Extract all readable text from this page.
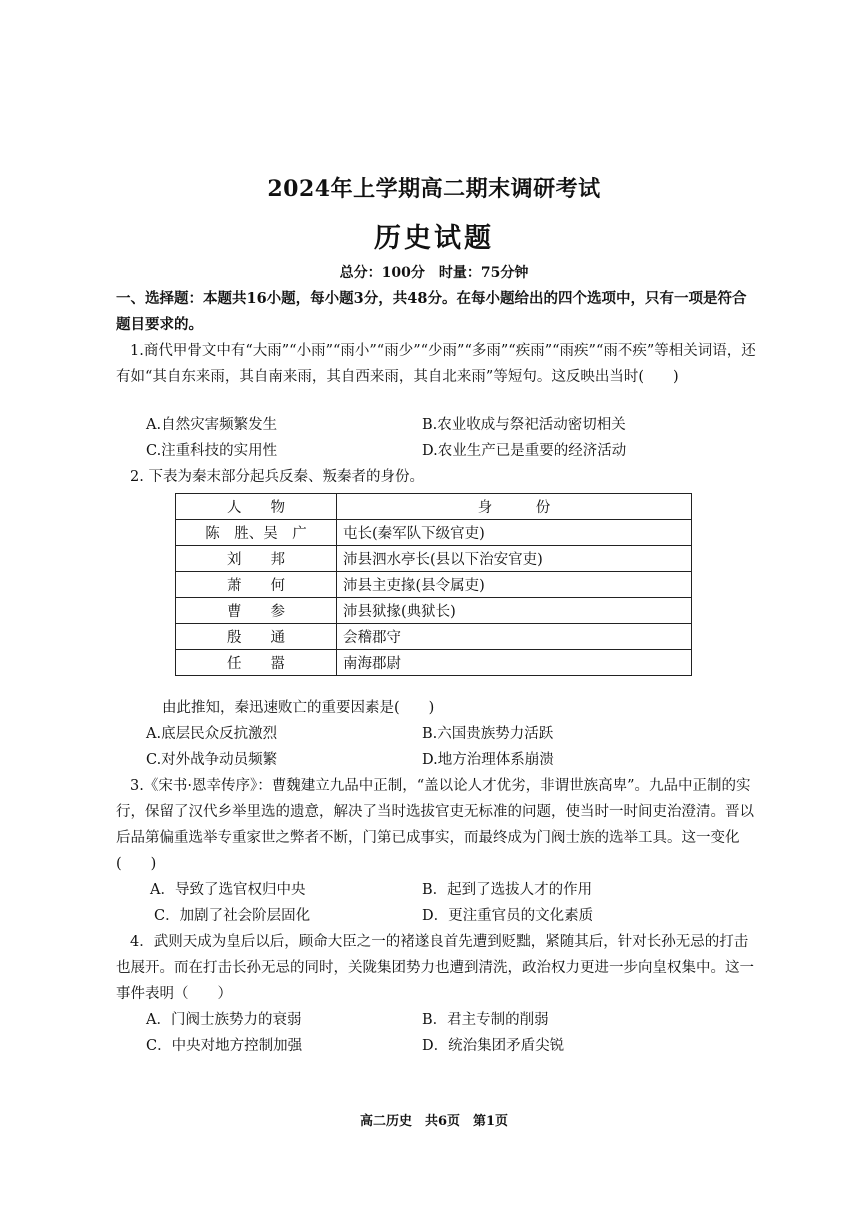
2024年上学期高二期末调研考试
历史试题
总分：100分　时量：75分钟
一、选择题：本题共16小题，每小题3分，共48分。在每小题给出的四个选项中，只有一项是符合题目要求的。
1.商代甲骨文中有“大雨”“小雨”“雨小”“雨少”“少雨”“多雨”“疾雨”“雨疾”“雨不疾”等相关词语，还有如“其自东来雨，其自南来雨，其自西来雨，其自北来雨”等短句。这反映出当时(　　)
A.自然灾害频繁发生	B.农业收成与祭祀活动密切相关
C.注重科技的实用性	D.农业生产已是重要的经济活动
2. 下表为秦末部分起兵反秦、叛秦者的身份。
人　　物	身　　　份
陈　胜、吴　广	屯长(秦军队下级官吏)
刘　　邦	沛县泗水亭长(县以下治安官吏)
萧　　何	沛县主吏掾(县令属吏)
曹　　参	沛县狱掾(典狱长)
殷　　通	会稽郡守
任　　嚣	南海郡尉
由此推知，秦迅速败亡的重要因素是(　　)
A.底层民众反抗激烈	B.六国贵族势力活跃
C.对外战争动员频繁	D.地方治理体系崩溃
3.《宋书·恩幸传序》：曹魏建立九品中正制，“盖以论人才优劣，非谓世族高卑”。九品中正制的实行，保留了汉代乡举里选的遗意，解决了当时选拔官吏无标准的问题，使当时一时间吏治澄清。晋以后品第偏重选举专重家世之弊者不断，门第已成事实，而最终成为门阀士族的选举工具。这一变化(　　)
A．导致了选官权归中央	B．起到了选拔人才的作用
C．加剧了社会阶层固化	D．更注重官员的文化素质
4．武则天成为皇后以后，顾命大臣之一的褚遂良首先遭到贬黜，紧随其后，针对长孙无忌的打击也展开。而在打击长孙无忌的同时，关陇集团势力也遭到清洗，政治权力更进一步向皇权集中。这一事件表明（　　）
A．门阀士族势力的衰弱	B．君主专制的削弱
C．中央对地方控制加强	D．统治集团矛盾尖锐
高二历史　共6页　第1页
